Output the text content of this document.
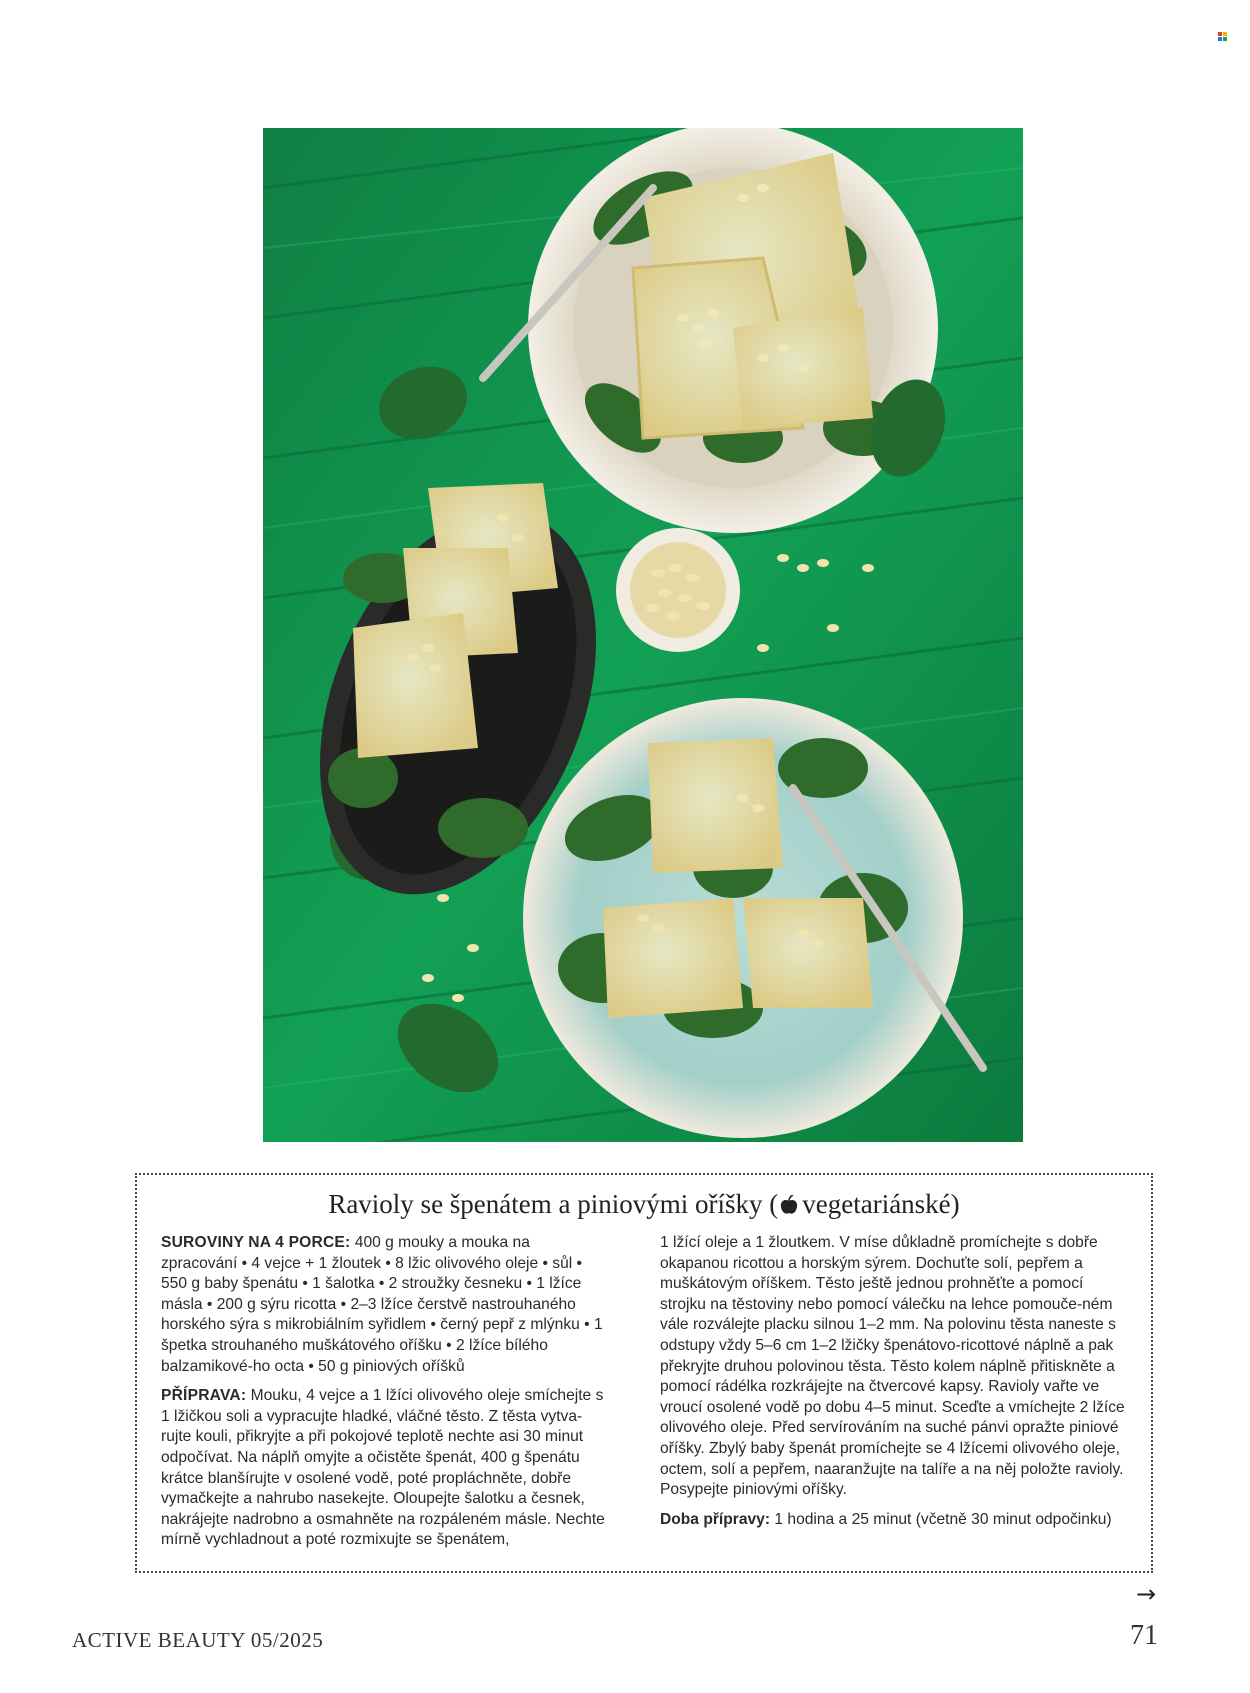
Ravioly se špenátem a piniovými oříšky ( vegetariánské)

SUROVINY NA 4 PORCE: 400 g mouky a mouka na zpracování • 4 vejce + 1 žloutek • 8 lžic olivového oleje • sůl • 550 g baby špenátu • 1 šalotka • 2 stroužky česneku • 1 lžíce másla • 200 g sýru ricotta • 2–3 lžíce čerstvě nastrouhaného horského sýra s mikrobiálním syřidlem • černý pepř z mlýnku • 1 špetka strouhaného muškátového oříšku • 2 lžíce bílého balzamikové-ho octa • 50 g piniových oříšků

PŘÍPRAVA: Mouku, 4 vejce a 1 lžíci olivového oleje smíchejte s 1 lžičkou soli a vypracujte hladké, vláčné těsto. Z těsta vytva-rujte kouli, přikryjte a při pokojové teplotě nechte asi 30 minut odpočívat. Na náplň omyjte a očistěte špenát, 400 g špenátu krátce blanšírujte v osolené vodě, poté propláchněte, dobře vymačkejte a nahrubo nasekejte. Oloupejte šalotku a česnek, nakrájejte nadrobno a osmahněte na rozpáleném másle. Nechte mírně vychladnout a poté rozmixujte se špenátem,

1 lžící oleje a 1 žloutkem. V míse důkladně promíchejte s dobře okapanou ricottou a horským sýrem. Dochuťte solí, pepřem a muškátovým oříškem. Těsto ještě jednou prohněťte a pomocí strojku na těstoviny nebo pomocí válečku na lehce pomouče-ném vále rozválejte placku silnou 1–2 mm. Na polovinu těsta naneste s odstupy vždy 5–6 cm 1–2 lžičky špenátovo-ricottové náplně a pak překryjte druhou polovinou těsta. Těsto kolem náplně přitiskněte a pomocí rádélka rozkrájejte na čtvercové kapsy. Ravioly vařte ve vroucí osolené vodě po dobu 4–5 minut. Sceďte a vmíchejte 2 lžíce olivového oleje. Před servírováním na suché pánvi opražte piniové oříšky. Zbylý baby špenát promíchejte se 4 lžícemi olivového oleje, octem, solí a pepřem, naaranžujte na talíře a na něj položte ravioly. Posypejte piniovými oříšky.

Doba přípravy: 1 hodina a 25 minut (včetně 30 minut odpočinku)

→
ACTIVE BEAUTY 05/2025	71
